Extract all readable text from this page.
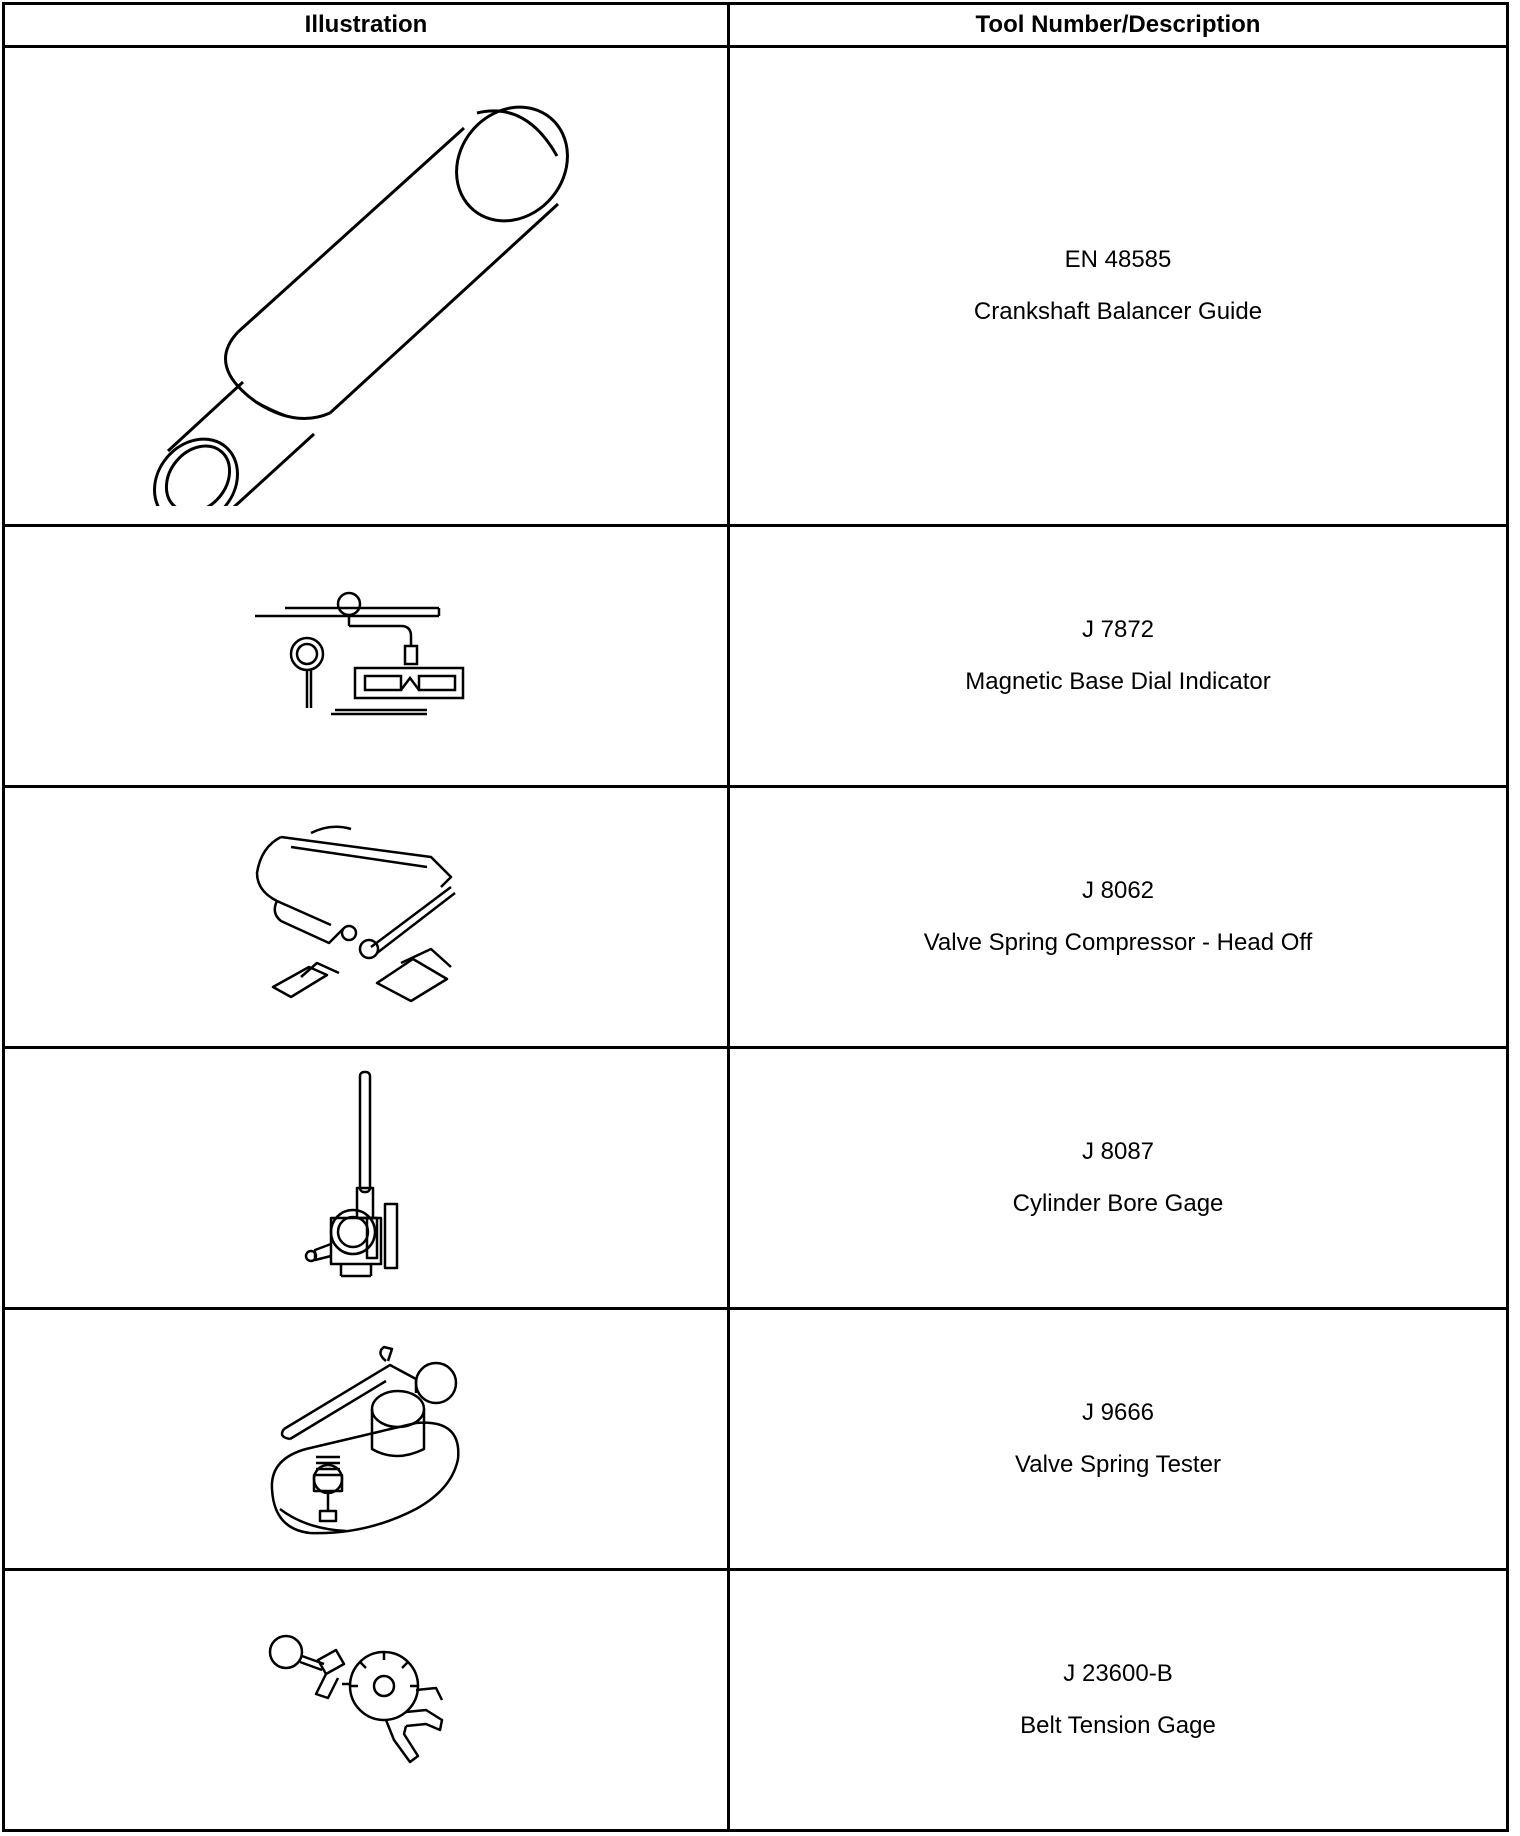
Illustration	Tool Number/Description

EN 48585
Crankshaft Balancer Guide

J 7872
Magnetic Base Dial Indicator

J 8062
Valve Spring Compressor - Head Off

J 8087
Cylinder Bore Gage

J 9666
Valve Spring Tester

J 23600-B
Belt Tension Gage
